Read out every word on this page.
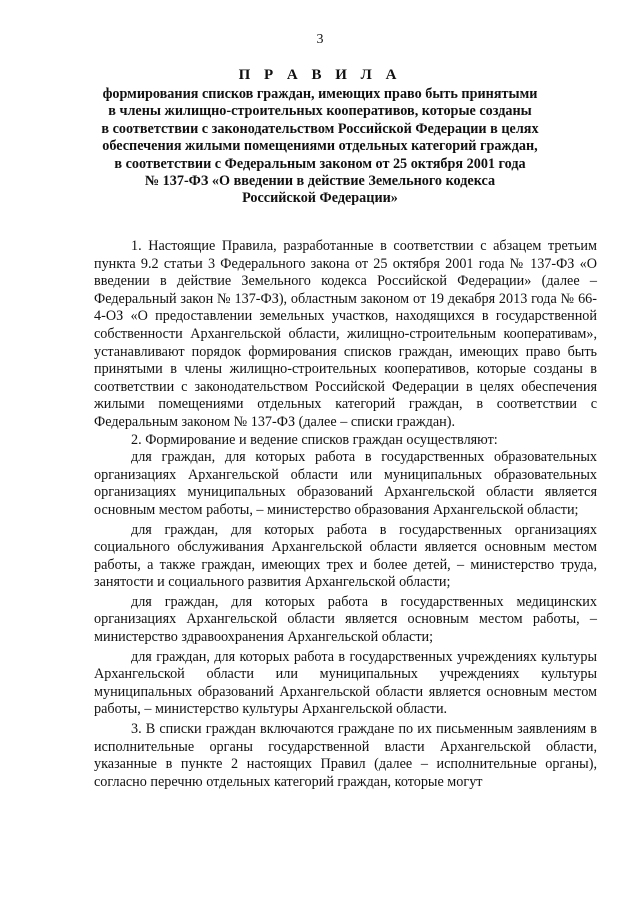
3
П Р А В И Л А
формирования списков граждан, имеющих право быть принятыми
в члены жилищно-строительных кооперативов, которые созданы
в соответствии с законодательством Российской Федерации в целях
обеспечения жилыми помещениями отдельных категорий граждан,
в соответствии с Федеральным законом от 25 октября 2001 года
№ 137-ФЗ «О введении в действие Земельного кодекса
Российской Федерации»

1. Настоящие Правила, разработанные в соответствии с абзацем третьим пункта 9.2 статьи 3 Федерального закона от 25 октября 2001 года № 137-ФЗ «О введении в действие Земельного кодекса Российской Федерации» (далее – Федеральный закон № 137-ФЗ), областным законом от 19 декабря 2013 года № 66-4-ОЗ «О предоставлении земельных участков, находящихся в государственной собственности Архангельской области, жилищно-строительным кооперативам», устанавливают порядок формирования списков граждан, имеющих право быть принятыми в члены жилищно-строительных кооперативов, которые созданы в соответствии с законодательством Российской Федерации в целях обеспечения жилыми помещениями отдельных категорий граждан, в соответствии с Федеральным законом № 137-ФЗ (далее – списки граждан).

2. Формирование и ведение списков граждан осуществляют:

для граждан, для которых работа в государственных образовательных организациях Архангельской области или муниципальных образовательных организациях муниципальных образований Архангельской области является основным местом работы, – министерство образования Архангельской области;

для граждан, для которых работа в государственных организациях социального обслуживания Архангельской области является основным местом работы, а также граждан, имеющих трех и более детей, – министерство труда, занятости и социального развития Архангельской области;

для граждан, для которых работа в государственных медицинских организациях Архангельской области является основным местом работы, – министерство здравоохранения Архангельской области;

для граждан, для которых работа в государственных учреждениях культуры Архангельской области или муниципальных учреждениях культуры муниципальных образований Архангельской области является основным местом работы, – министерство культуры Архангельской области.

3. В списки граждан включаются граждане по их письменным заявлениям в исполнительные органы государственной власти Архангельской области, указанные в пункте 2 настоящих Правил (далее – исполнительные органы), согласно перечню отдельных категорий граждан, которые могут
